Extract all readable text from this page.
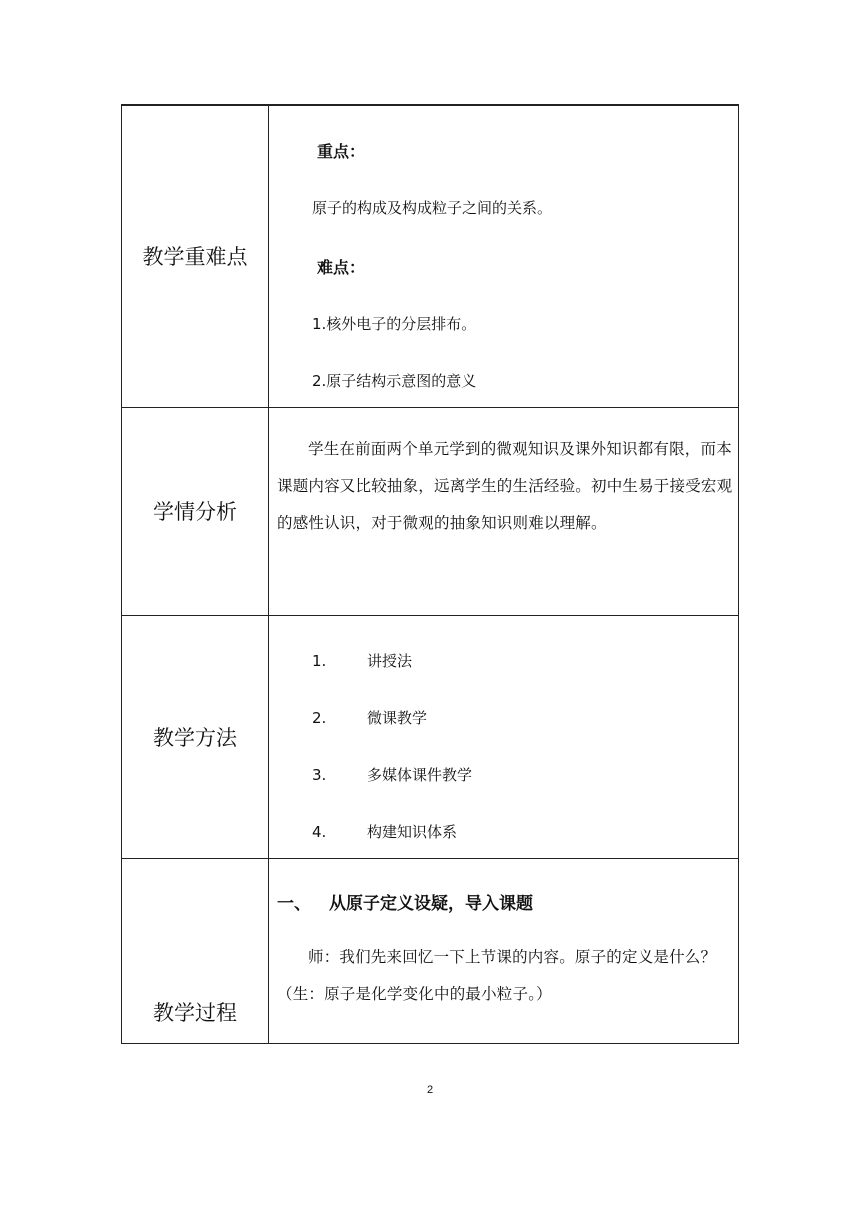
教学重难点	重点：
原子的构成及构成粒子之间的关系。
难点：
1.核外电子的分层排布。
2.原子结构示意图的意义

学情分析	学生在前面两个单元学到的微观知识及课外知识都有限，而本课题内容又比较抽象，远离学生的生活经验。初中生易于接受宏观的感性认识，对于微观的抽象知识则难以理解。

教学方法	1. 讲授法
2. 微课教学
3. 多媒体课件教学
4. 构建知识体系

教学过程	一、 从原子定义设疑，导入课题
师：我们先来回忆一下上节课的内容。原子的定义是什么？（生：原子是化学变化中的最小粒子。）
2
